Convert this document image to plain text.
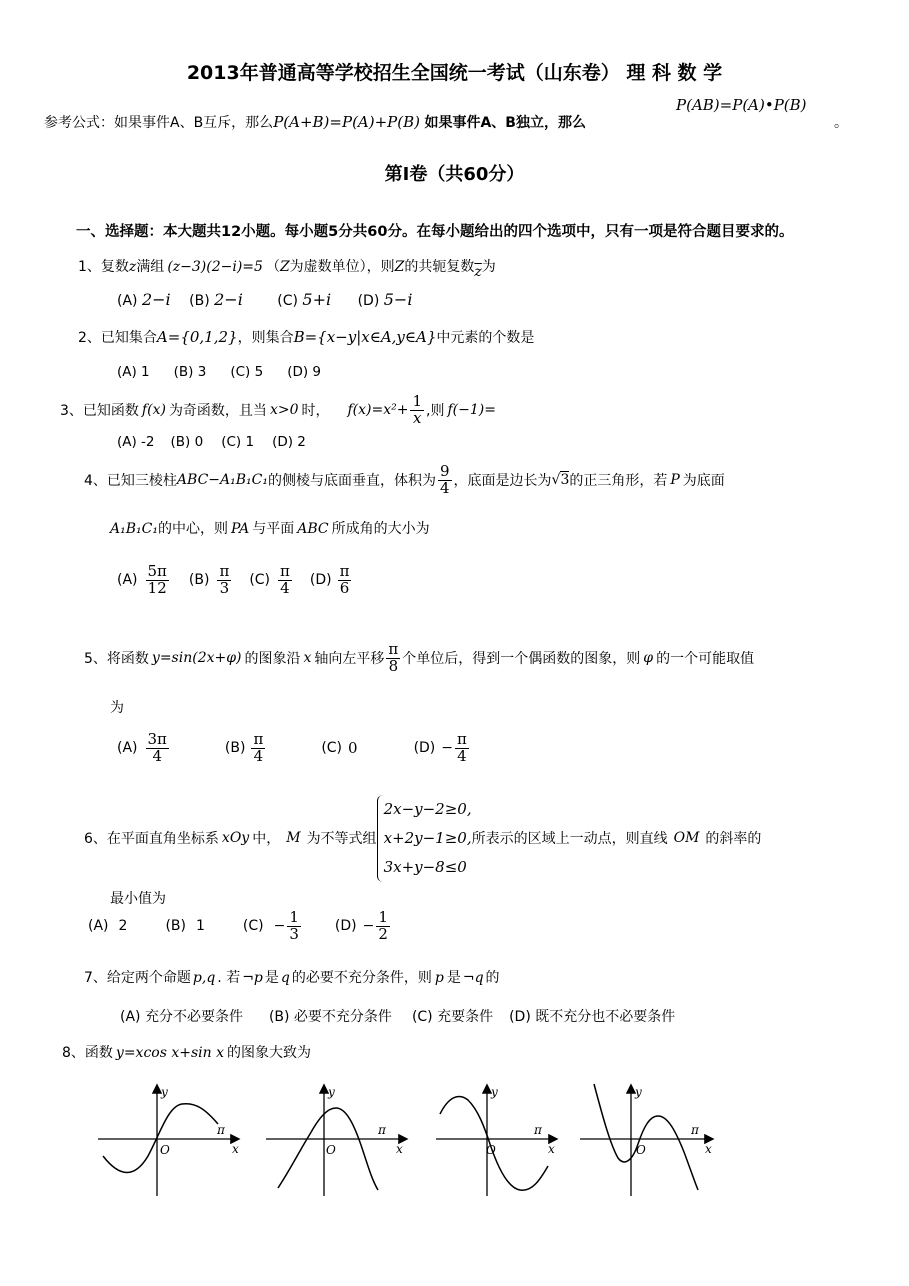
2013年普通高等学校招生全国统一考试（山东卷） 理 科 数 学
参考公式：如果事件A、B互斥，那么P(A+B)=P(A)+P(B) 如果事件A、B独立，那么
P(AB)=P(A)•P(B)
。
第Ⅰ卷（共60分）
一、选择题：本大题共12小题。每小题5分共60分。在每小题给出的四个选项中，只有一项是符合题目要求的。
1、复数z满组 (z−3)(2−i)=5 （Z为虚数单位），则Z的共轭复数$\overline{z}$为
(A) 2−i (B) 2−i (C) 5+i (D) 5−i
2、已知集合A={0,1,2}，则集合B={x−y|x∈A,y∈A}中元素的个数是
(A) 1 (B) 3 (C) 5 (D) 9
3、已知函数 f(x) 为奇函数，且当 x>0 时， $f(x)=x^2+ \frac{1}{x}$ ,则 f(−1)=
(A) -2 (B) 0 (C) 1 (D) 2
4、已知三棱柱 ABC−A₁B₁C₁ 的侧棱与底面垂直，体积为 $\frac{9}{4}$ ，底面是边长为 √3 的正三角形，若 P 为底面
A₁B₁C₁的中心，则 PA 与平面 ABC 所成角的大小为
$(A) \frac{5\pi}{12} (B) \frac{\pi}{3} (C) \frac{\pi}{4} (D) \frac{\pi}{6}$
5、将函数 y=sin(2x+φ) 的图象沿 x 轴向左平移 $\frac{\pi}{8}$ 个单位后，得到一个偶函数的图象，则 φ 的一个可能取值
为
$(A) \frac{3\pi}{4}$	$(B) \frac{\pi}{4}$	(C) 0	$(D) - \frac{\pi}{4}$
6、在平面直角坐标系 xOy 中， M 为不等式组
2x−y−2≥0,
x+2y−1≥0,
3x+y−8≤0
所表示的区域上一动点，则直线 OM 的斜率的
最小值为
(A) 2	(B) 1	$(C) - \frac{1}{3} (D) - \frac{1}{2}$
7、给定两个命题 p,q . 若 ¬p 是 q 的必要不充分条件，则 p 是 ¬q 的
(A) 充分不必要条件 (B) 必要不充分条件 (C) 充要条件 (D) 既不充分也不必要条件
8、函数 y=xcos x+sin x 的图象大致为
y
O
π
x
y
O
π
x
y
O
π
x
y
O
π
x
